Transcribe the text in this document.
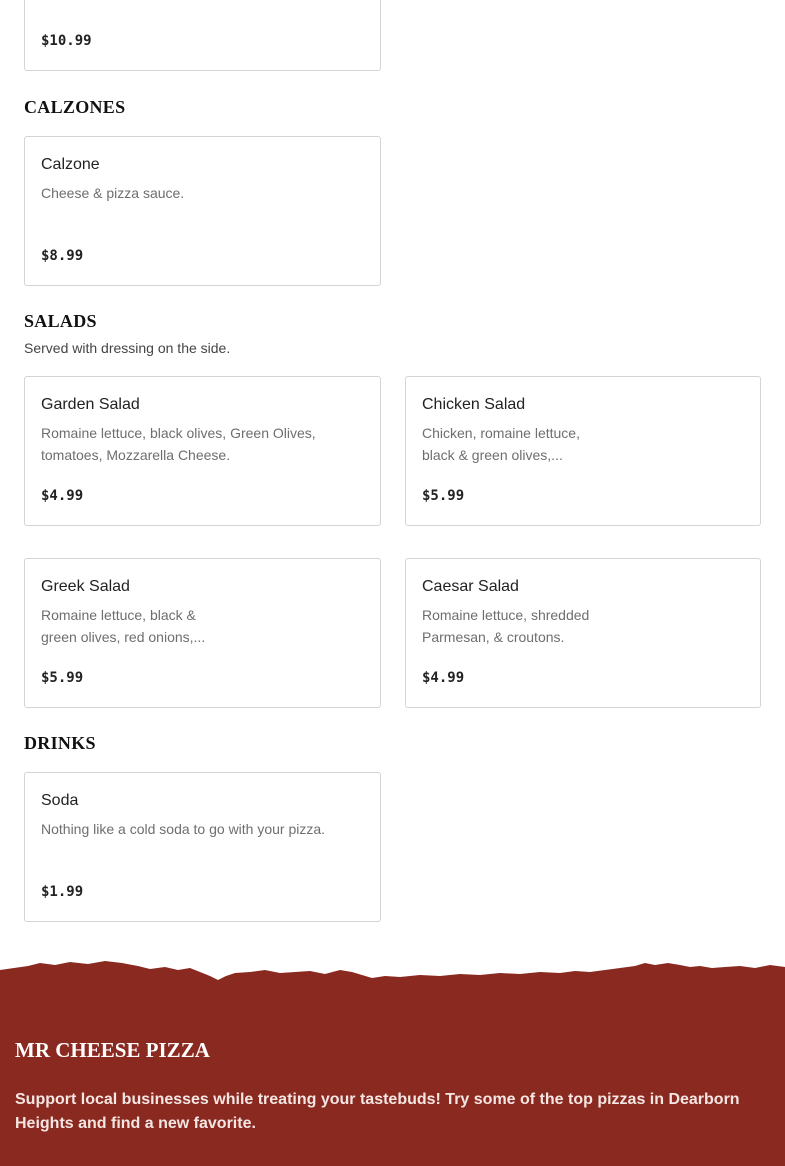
$10.99
CALZONES
Calzone

Cheese & pizza sauce.

$8.99
SALADS

Served with dressing on the side.

Garden Salad

Romaine lettuce, black olives, Green Olives, tomatoes, Mozzarella Cheese.

$4.99
Chicken Salad

Chicken, romaine lettuce, black & green olives,...

$5.99
Greek Salad

Romaine lettuce, black & green olives, red onions,...

$5.99
Caesar Salad

Romaine lettuce, shredded Parmesan, & croutons.

$4.99
DRINKS
Soda

Nothing like a cold soda to go with your pizza.

$1.99
MR CHEESE PIZZA

Support local businesses while treating your tastebuds! Try some of the top pizzas in Dearborn Heights and find a new favorite.
